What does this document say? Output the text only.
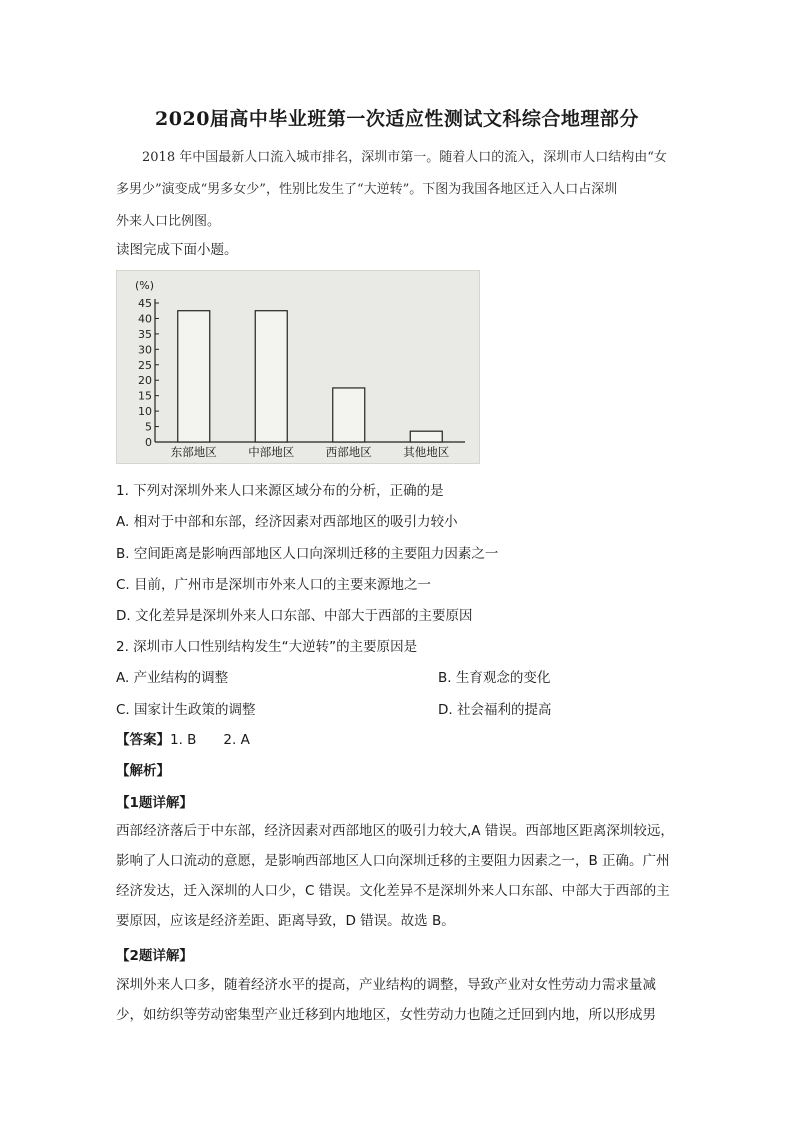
2020届高中毕业班第一次适应性测试文科综合地理部分
2018 年中国最新人口流入城市排名，深圳市第一。随着人口的流入，深圳市人口结构由“女
多男少”演变成“男多女少”，性别比发生了“大逆转”。下图为我国各地区迁入人口占深圳
外来人口比例图。
读图完成下面小题。
(%)
0
5
10
15
20
25
30
35
40
45
东部地区	中部地区	西部地区	其他地区
1. 下列对深圳外来人口来源区域分布的分析，正确的是
A. 相对于中部和东部，经济因素对西部地区的吸引力较小
B. 空间距离是影响西部地区人口向深圳迁移的主要阻力因素之一
C. 目前，广州市是深圳市外来人口的主要来源地之一
D. 文化差异是深圳外来人口东部、中部大于西部的主要原因
2. 深圳市人口性别结构发生“大逆转”的主要原因是
A. 产业结构的调整	B. 生育观念的变化
C. 国家计生政策的调整	D. 社会福利的提高
【答案】1. B　　2. A
【解析】
【1题详解】
西部经济落后于中东部，经济因素对西部地区的吸引力较大,A 错误。西部地区距离深圳较远，
影响了人口流动的意愿，是影响西部地区人口向深圳迁移的主要阻力因素之一，B 正确。广州
经济发达，迁入深圳的人口少，C 错误。文化差异不是深圳外来人口东部、中部大于西部的主
要原因，应该是经济差距、距离导致，D 错误。故选 B。
【2题详解】
深圳外来人口多，随着经济水平的提高，产业结构的调整，导致产业对女性劳动力需求量减
少，如纺织等劳动密集型产业迁移到内地地区，女性劳动力也随之迁回到内地，所以形成男
